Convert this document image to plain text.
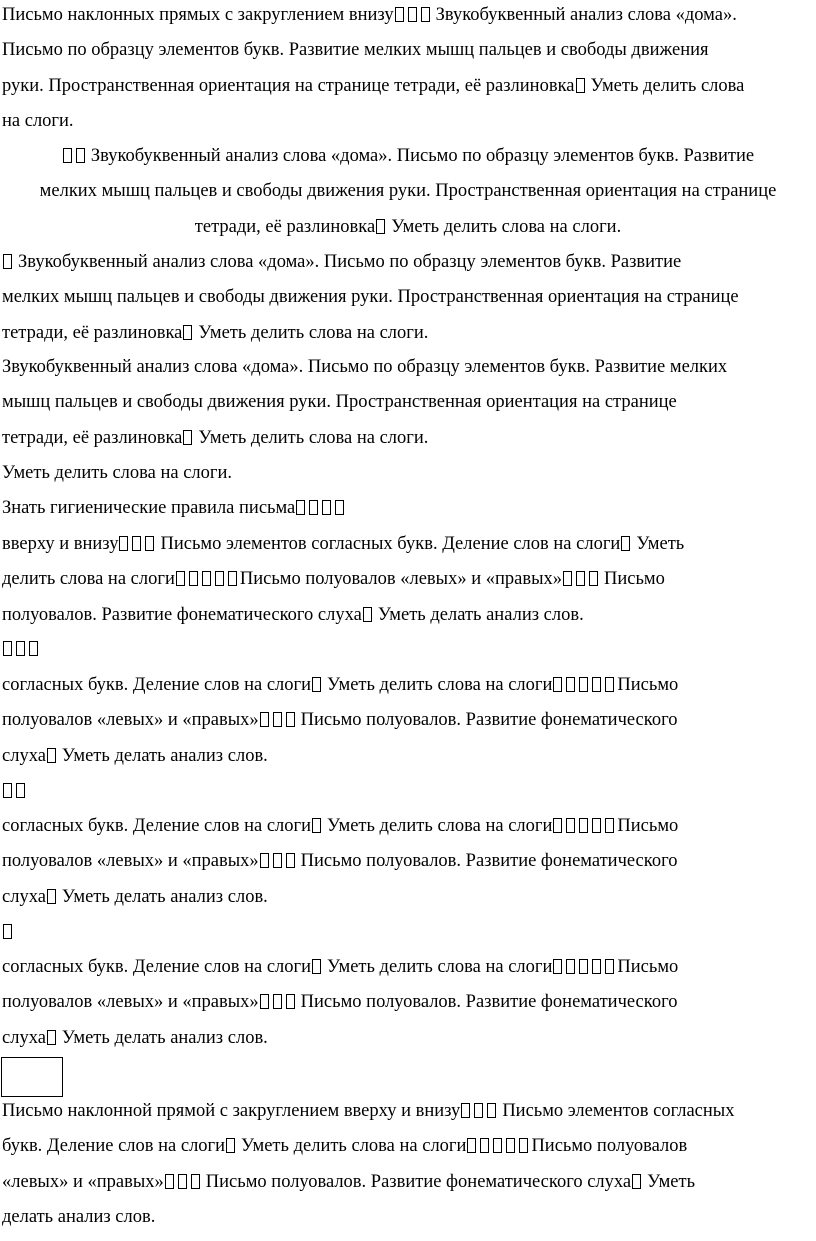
Письмо наклонных прямых с закруглением внизу Звукобуквенный анализ слова «дома».
Письмо по образцу элементов букв. Развитие мелких мышц пальцев и свободы движения
руки. Пространственная ориентация на странице тетради, её разлиновка Уметь делить слова
на слоги.
Звукобуквенный анализ слова «дома». Письмо по образцу элементов букв. Развитие
мелких мышц пальцев и свободы движения руки. Пространственная ориентация на странице
тетради, её разлиновка Уметь делить слова на слоги.
Звукобуквенный анализ слова «дома». Письмо по образцу элементов букв. Развитие
мелких мышц пальцев и свободы движения руки. Пространственная ориентация на странице
тетради, её разлиновка Уметь делить слова на слоги.
Звукобуквенный анализ слова «дома». Письмо по образцу элементов букв. Развитие мелких
мышц пальцев и свободы движения руки. Пространственная ориентация на странице
тетради, её разлиновка Уметь делить слова на слоги.
Уметь делить слова на слоги.
Знать гигиенические правила письма
вверху и внизу Письмо элементов согласных букв. Деление слов на слоги Уметь
делить слова на слоги	Письмо полуовалов «левых» и «правых» Письмо
полуовалов. Развитие фонематического слуха Уметь делать анализ слов.
согласных букв. Деление слов на слоги Уметь делить слова на слоги	Письмо
полуовалов «левых» и «правых» Письмо полуовалов. Развитие фонематического
слуха Уметь делать анализ слов.
согласных букв. Деление слов на слоги Уметь делить слова на слоги	Письмо
полуовалов «левых» и «правых» Письмо полуовалов. Развитие фонематического
слуха Уметь делать анализ слов.
согласных букв. Деление слов на слоги Уметь делить слова на слоги	Письмо
полуовалов «левых» и «правых» Письмо полуовалов. Развитие фонематического
слуха Уметь делать анализ слов.
Письмо наклонной прямой с закруглением вверху и внизу Письмо элементов согласных
букв. Деление слов на слоги Уметь делить слова на слоги	Письмо полуовалов
«левых» и «правых» Письмо полуовалов. Развитие фонематического слуха Уметь
делать анализ слов.
